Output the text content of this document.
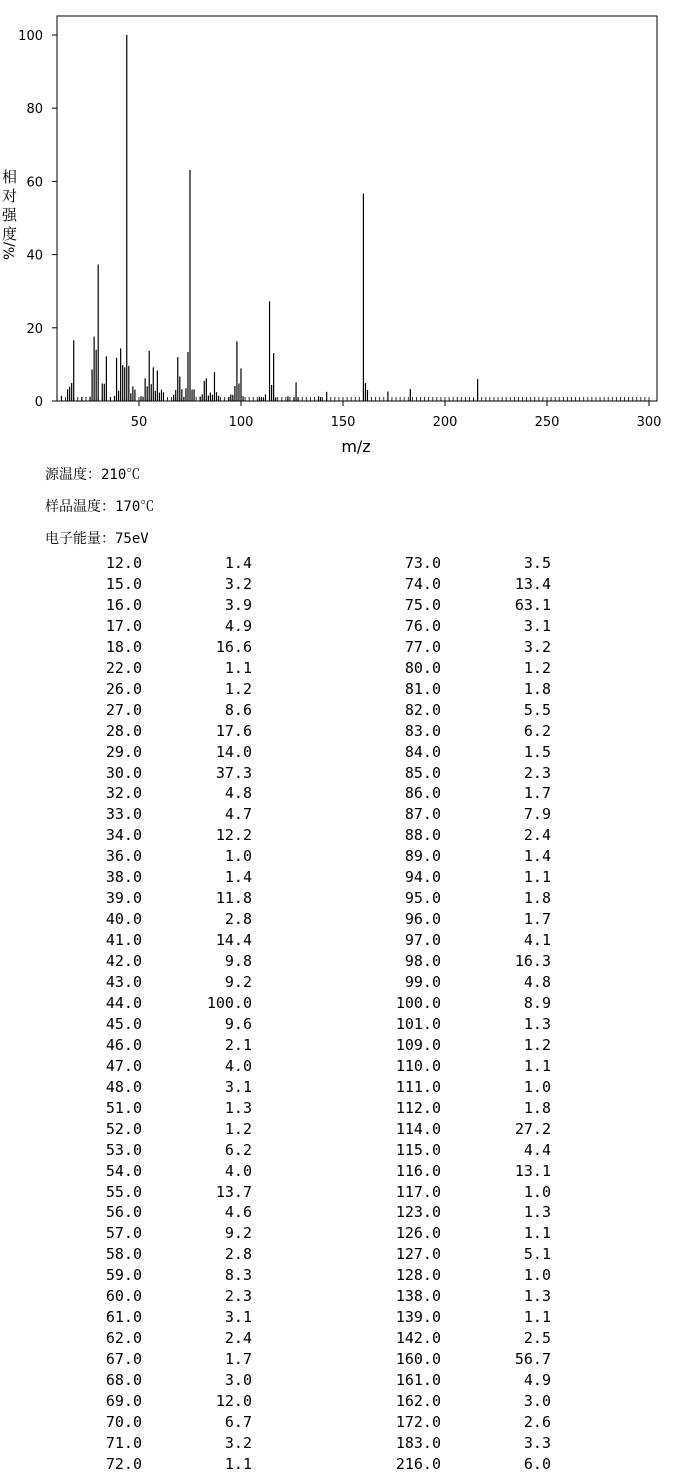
50	100	150	200	250	300
0
20
40
60
80
100
m/z
相对强度
%/
源温度：210℃
样品温度：170℃
电子能量：75eV
12.0	1.4	73.0	3.5
15.0	3.2	74.0	13.4
16.0	3.9	75.0	63.1
17.0	4.9	76.0	3.1
18.0	16.6	77.0	3.2
22.0	1.1	80.0	1.2
26.0	1.2	81.0	1.8
27.0	8.6	82.0	5.5
28.0	17.6	83.0	6.2
29.0	14.0	84.0	1.5
30.0	37.3	85.0	2.3
32.0	4.8	86.0	1.7
33.0	4.7	87.0	7.9
34.0	12.2	88.0	2.4
36.0	1.0	89.0	1.4
38.0	1.4	94.0	1.1
39.0	11.8	95.0	1.8
40.0	2.8	96.0	1.7
41.0	14.4	97.0	4.1
42.0	9.8	98.0	16.3
43.0	9.2	99.0	4.8
44.0	100.0	100.0	8.9
45.0	9.6	101.0	1.3
46.0	2.1	109.0	1.2
47.0	4.0	110.0	1.1
48.0	3.1	111.0	1.0
51.0	1.3	112.0	1.8
52.0	1.2	114.0	27.2
53.0	6.2	115.0	4.4
54.0	4.0	116.0	13.1
55.0	13.7	117.0	1.0
56.0	4.6	123.0	1.3
57.0	9.2	126.0	1.1
58.0	2.8	127.0	5.1
59.0	8.3	128.0	1.0
60.0	2.3	138.0	1.3
61.0	3.1	139.0	1.1
62.0	2.4	142.0	2.5
67.0	1.7	160.0	56.7
68.0	3.0	161.0	4.9
69.0	12.0	162.0	3.0
70.0	6.7	172.0	2.6
71.0	3.2	183.0	3.3
72.0	1.1	216.0	6.0
